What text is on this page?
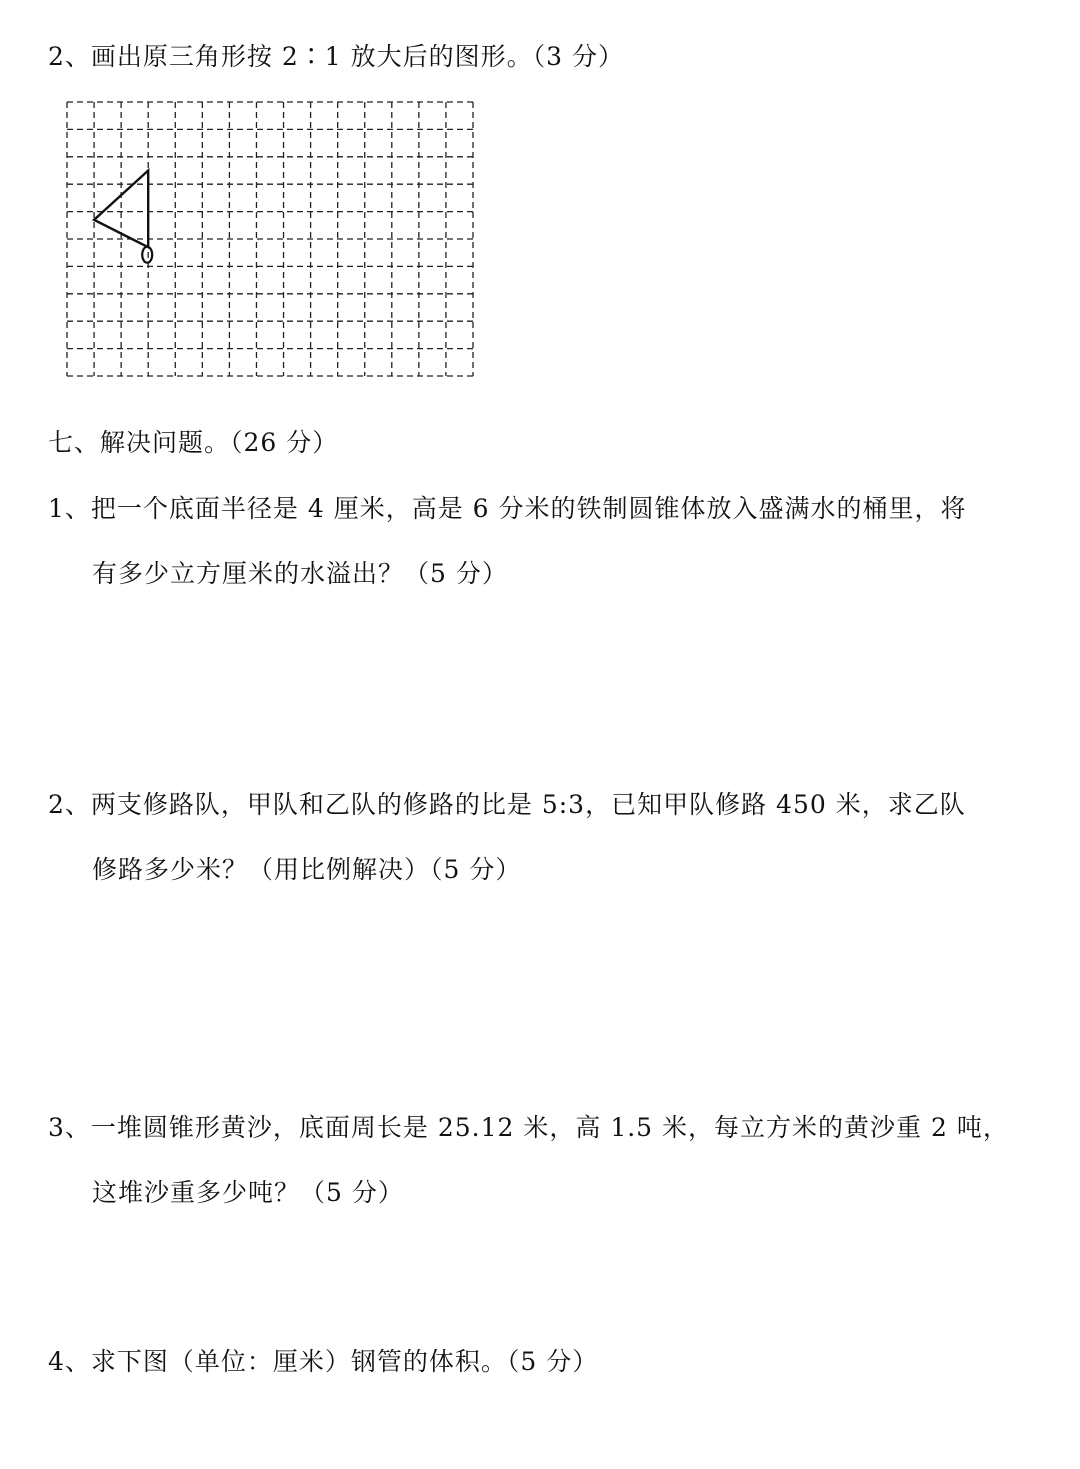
2、画出原三角形按 2∶1 放大后的图形。（3 分）
七、解决问题。（26 分）
1、把一个底面半径是 4 厘米，高是 6 分米的铁制圆锥体放入盛满水的桶里，将
有多少立方厘米的水溢出？（5 分）
2、两支修路队，甲队和乙队的修路的比是 5:3，已知甲队修路 450 米，求乙队
修路多少米？（用比例解决）（5 分）
3、一堆圆锥形黄沙，底面周长是 25.12 米，高 1.5 米，每立方米的黄沙重 2 吨，
这堆沙重多少吨？（5 分）
4、求下图（单位：厘米）钢管的体积。（5 分）
